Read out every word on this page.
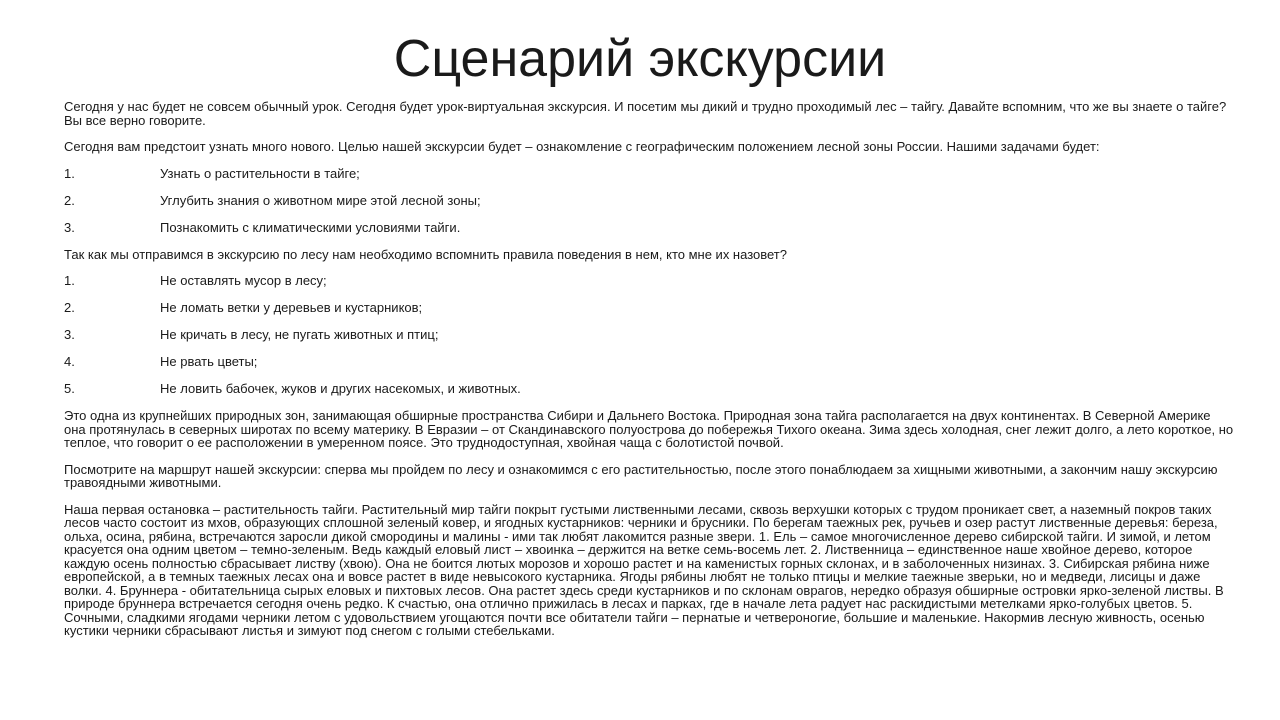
Сценарий экскурсии

Сегодня у нас будет не совсем обычный урок. Сегодня будет урок-виртуальная экскурсия. И посетим мы дикий и трудно проходимый лес – тайгу. Давайте вспомним, что же вы знаете о тайге? Вы все верно говорите.

Сегодня вам предстоит узнать много нового. Целью нашей экскурсии будет – ознакомление с географическим положением лесной зоны России. Нашими задачами будет:

1.	Узнать о растительности в тайге;
2.	Углубить знания о животном мире этой лесной зоны;
3.	Познакомить с климатическими условиями тайги.

Так как мы отправимся в экскурсию по лесу нам необходимо вспомнить правила поведения в нем, кто мне их назовет?

1.	Не оставлять мусор в лесу;
2.	Не ломать ветки у деревьев и кустарников;
3.	Не кричать в лесу, не пугать животных и птиц;
4.	Не рвать цветы;
5.	Не ловить бабочек, жуков и других насекомых, и животных.

Это одна из крупнейших природных зон, занимающая обширные пространства Сибири и Дальнего Востока. Природная зона тайга располагается на двух континентах. В Северной Америке она протянулась в северных широтах по всему материку. В Евразии – от Скандинавского полуострова до побережья Тихого океана. Зима здесь холодная, снег лежит долго, а лето короткое, но теплое, что говорит о ее расположении в умеренном поясе. Это труднодоступная, хвойная чаща с болотистой почвой.

Посмотрите на маршрут нашей экскурсии: сперва мы пройдем по лесу и ознакомимся с его растительностью, после этого понаблюдаем за хищными животными, а закончим нашу экскурсию травоядными животными.

Наша первая остановка – растительность тайги. Растительный мир тайги покрыт густыми лиственными лесами, сквозь верхушки которых с трудом проникает свет, а наземный покров таких лесов часто состоит из мхов, образующих сплошной зеленый ковер, и ягодных кустарников: черники и брусники. По берегам таежных рек, ручьев и озер растут лиственные деревья: береза, ольха, осина, рябина, встречаются заросли дикой смородины и малины - ими так любят лакомится разные звери. 1. Ель – самое многочисленное дерево сибирской тайги. И зимой, и летом красуется она одним цветом – темно-зеленым. Ведь каждый еловый лист – хвоинка – держится на ветке семь-восемь лет. 2. Лиственница – единственное наше хвойное дерево, которое каждую осень полностью сбрасывает листву (хвою). Она не боится лютых морозов и хорошо растет и на каменистых горных склонах, и в заболоченных низинах. 3. Сибирская рябина ниже европейской, а в темных таежных лесах она и вовсе растет в виде невысокого кустарника. Ягоды рябины любят не только птицы и мелкие таежные зверьки, но и медведи, лисицы и даже волки. 4. Бруннера - обитательница сырых еловых и пихтовых лесов. Она растет здесь среди кустарников и по склонам оврагов, нередко образуя обширные островки ярко-зеленой листвы. В природе бруннера встречается сегодня очень редко. К счастью, она отлично прижилась в лесах и парках, где в начале лета радует нас раскидистыми метелками ярко-голубых цветов. 5. Сочными, сладкими ягодами черники летом с удовольствием угощаются почти все обитатели тайги – пернатые и четвероногие, большие и маленькие. Накормив лесную живность, осенью кустики черники сбрасывают листья и зимуют под снегом с голыми стебельками.
